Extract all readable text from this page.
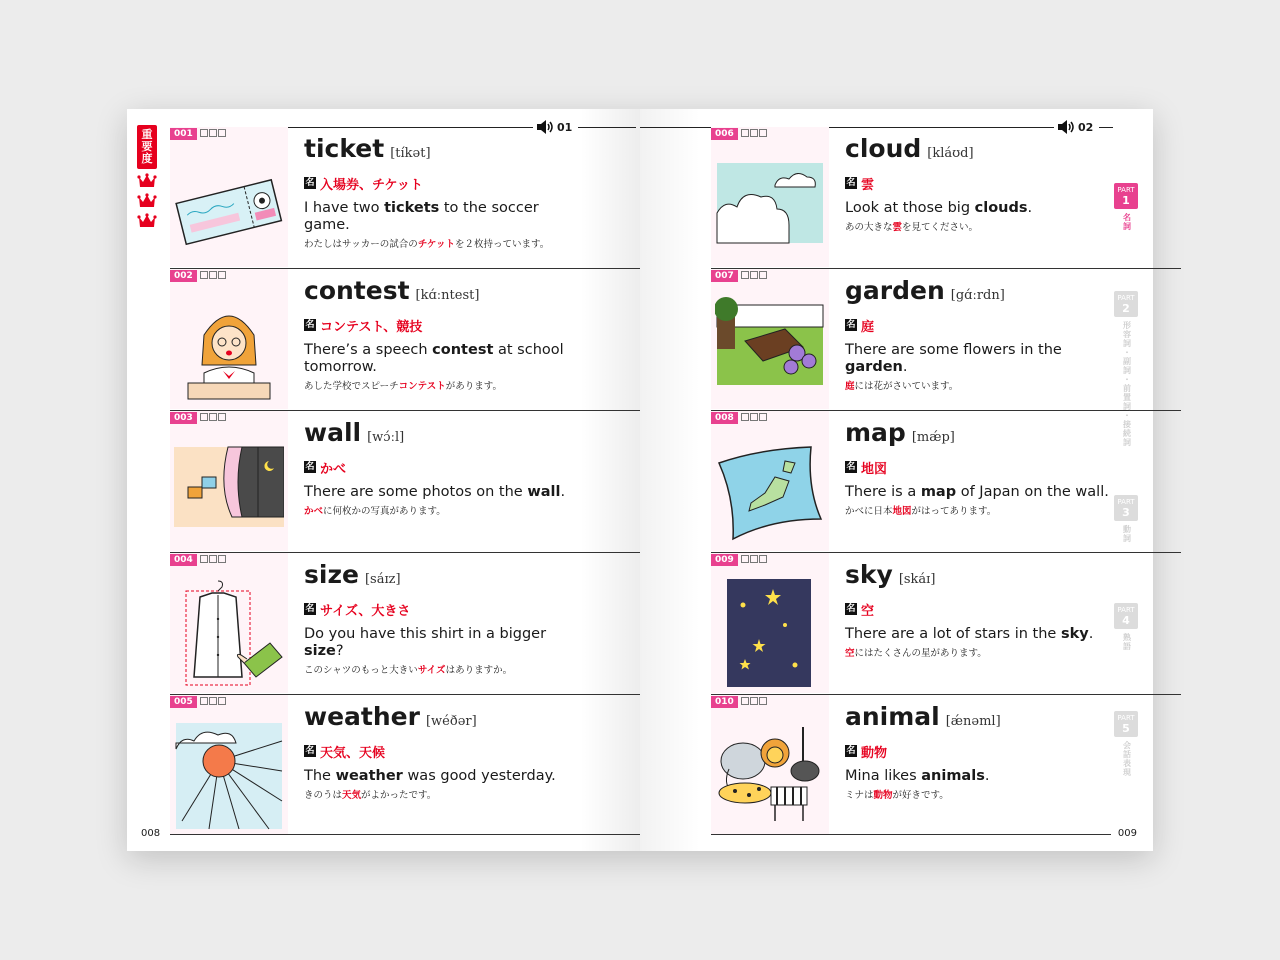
01
重要度
001	ticket [tíkət]
名 入場券、チケット
I have two tickets to the soccer game.
わたしはサッカーの試合のチケットを２枚持っています。
002	contest [kɑ́ːntest]
名 コンテスト、競技
There’s a speech contest at school tomorrow.
あした学校でスピーチコンテストがあります。
003	wall [wɔ́ːl]
名 かべ
There are some photos on the wall.
かべに何枚かの写真があります。
004	size [sáɪz]
名 サイズ、大きさ
Do you have this shirt in a bigger size?
このシャツのもっと大きいサイズはありますか。
005	weather [wéðər]
名 天気、天候
The weather was good yesterday.
きのうは天気がよかったです。
008
02
006	cloud [kláʊd]
名 雲
Look at those big clouds.
あの大きな雲を見てください。
007	garden [gɑ́ːrdn]
名 庭
There are some flowers in the garden.
庭には花がさいています。
008	map [mǽp]
名 地図
There is a map of Japan on the wall.
かべに日本地図がはってあります。
009	sky [skáɪ]
名 空
There are a lot of stars in the sky.
空にはたくさんの星があります。
010	animal [ǽnəml]
名 動物
Mina likes animals.
ミナは動物が好きです。
009
PART
1
名詞
PART
2
形容詞・副詞・前置詞・接続詞
PART
3
動詞
PART
4
熟語
PART
5
会話表現
